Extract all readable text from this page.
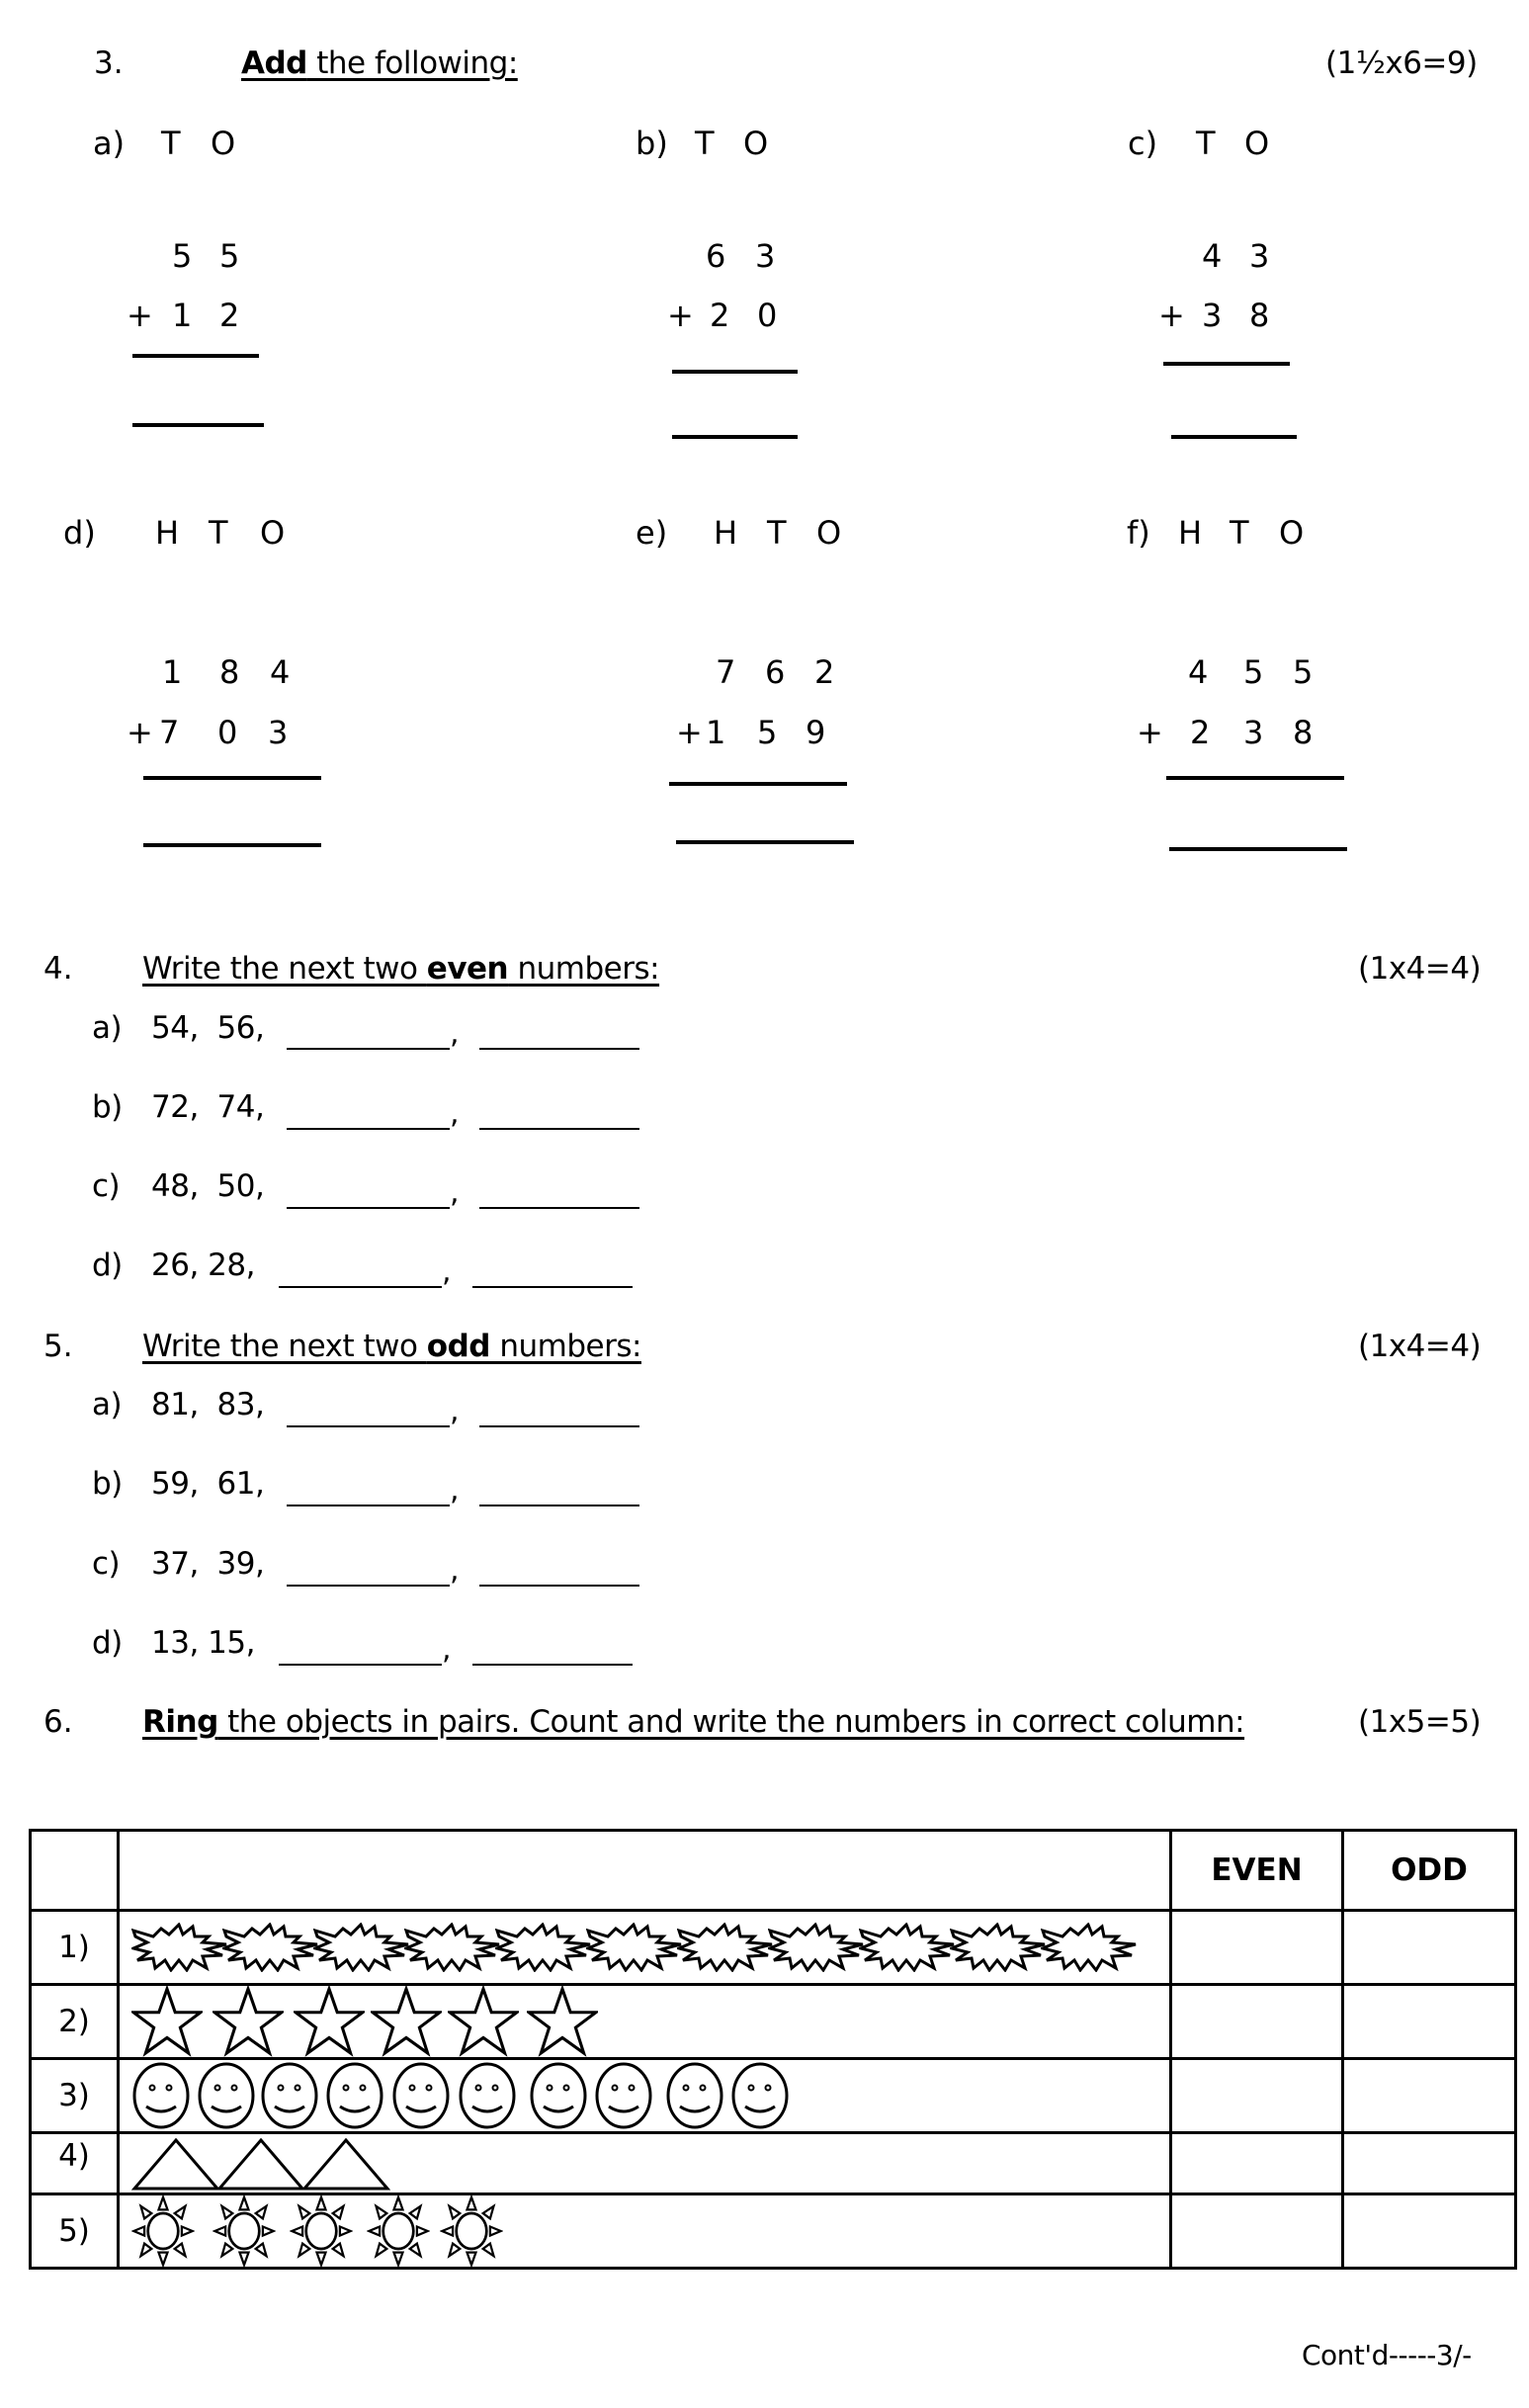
3.	Add the following:	(1½x6=9)
a) T O
5 5
+ 1 2
b) T O
6 3
+ 2 0
c) T O
4 3
+ 3 8
d) H T O
1 8 4
+ 7 0 3
e) H T O
7 6 2
+ 1 5 9
f) H T O
4 5 5
+ 2 3 8
4. Write the next two even numbers:	(1x4=4)
a) 54,  56,	,
b) 72,  74,	,
c) 48,  50,	,
d) 26, 28,	,
5. Write the next two odd numbers:	(1x4=4)
a) 81,  83,	,
b) 59,  61,	,
c) 37,  39,	,
d) 13, 15,	,
6. Ring the objects in pairs. Count and write the numbers in correct column:	(1x5=5)
		EVEN	ODD
1)	

2)	

3)	

4)	

5)	

Cont'd-----3/-
